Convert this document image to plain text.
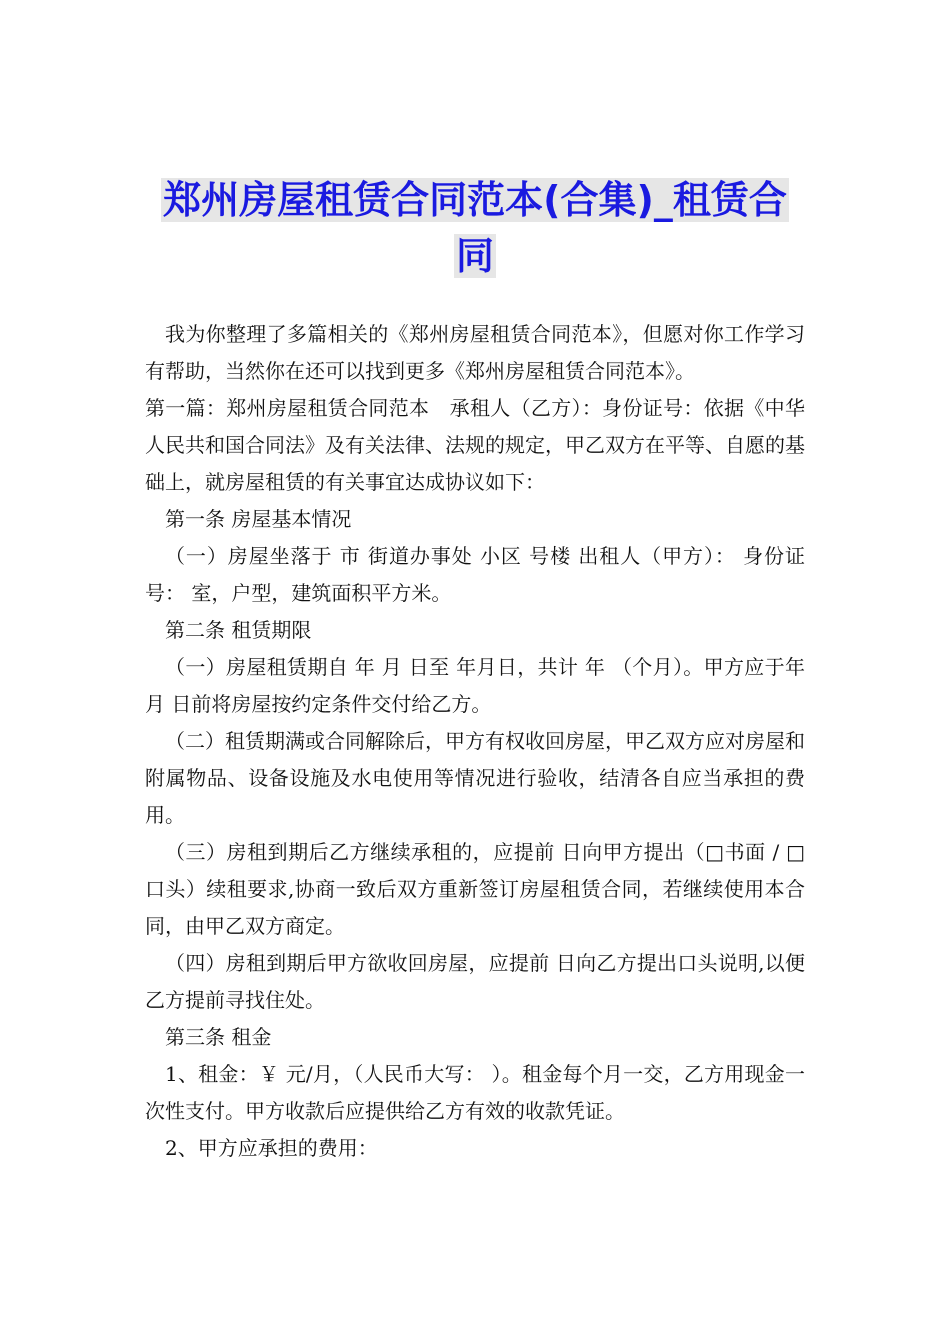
郑州房屋租赁合同范本(合集)_租赁合
同

我为你整理了多篇相关的《郑州房屋租赁合同范本》，但愿对你工作学习有帮助，当然你在还可以找到更多《郑州房屋租赁合同范本》。

第一篇：郑州房屋租赁合同范本　承租人（乙方）：身份证号：依据《中华人民共和国合同法》及有关法律、法规的规定，甲乙双方在平等、自愿的基础上，就房屋租赁的有关事宜达成协议如下：

第一条 房屋基本情况

（一）房屋坐落于 市 街道办事处 小区 号楼 出租人（甲方）： 身份证号： 室，户型，建筑面积平方米。

第二条 租赁期限

（一）房屋租赁期自 年 月 日至 年月日，共计 年 （个月）。甲方应于年 月 日前将房屋按约定条件交付给乙方。

（二）租赁期满或合同解除后，甲方有权收回房屋，甲乙双方应对房屋和附属物品、设备设施及水电使用等情况进行验收，结清各自应当承担的费用。

（三）房租到期后乙方继续承租的，应提前 日向甲方提出（□书面 / □口头）续租要求,协商一致后双方重新签订房屋租赁合同，若继续使用本合同，由甲乙双方商定。

（四）房租到期后甲方欲收回房屋，应提前 日向乙方提出口头说明,以便乙方提前寻找住处。

第三条 租金

1、租金：￥ 元/月，（人民币大写： ）。租金每个月一交，乙方用现金一次性支付。甲方收款后应提供给乙方有效的收款凭证。

2、甲方应承担的费用：
